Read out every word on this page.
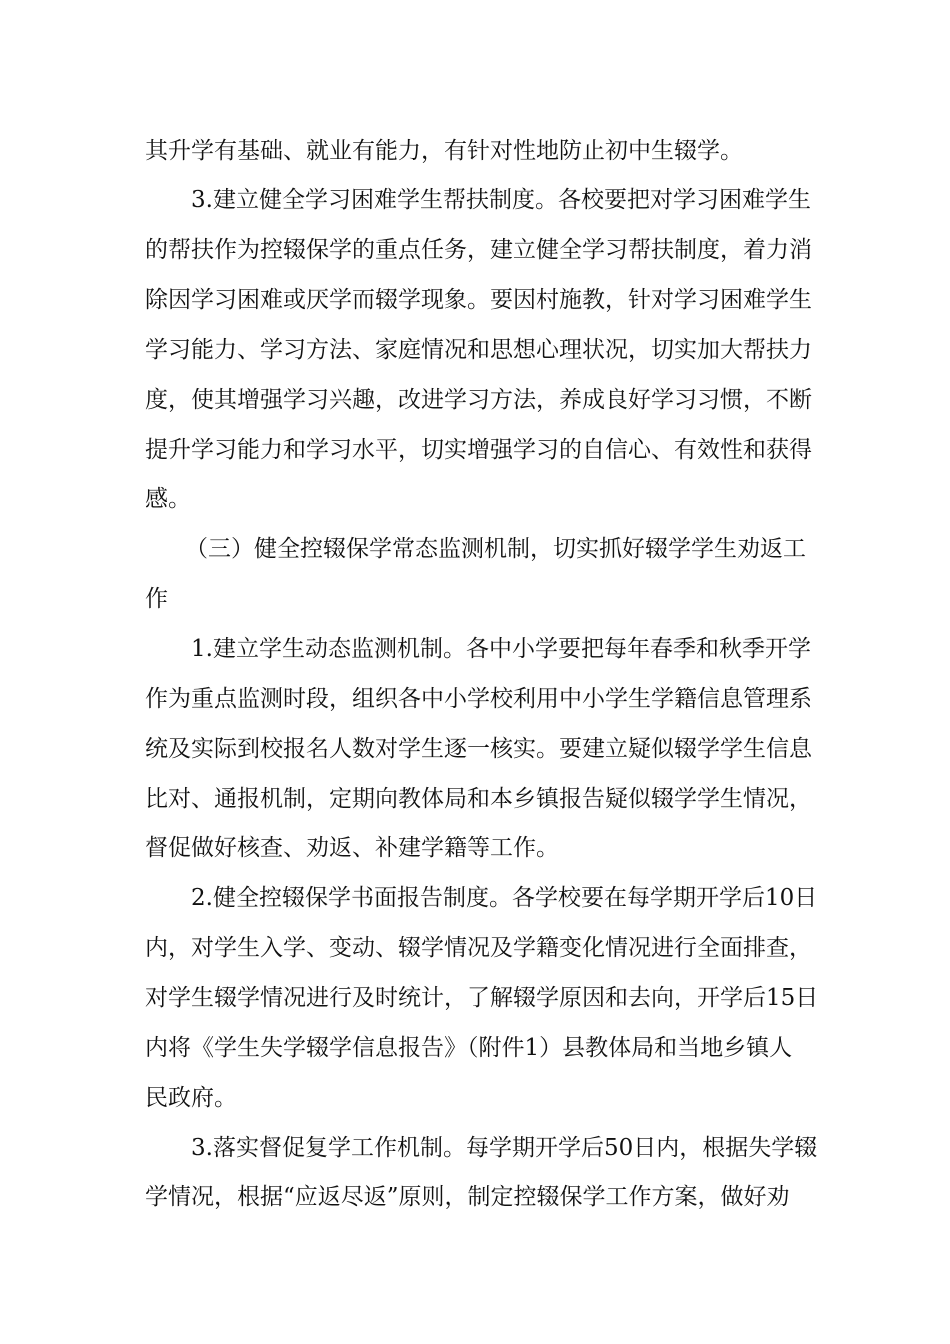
其升学有基础、就业有能力，有针对性地防止初中生辍学。
3.建立健全学习困难学生帮扶制度。各校要把对学习困难学生
的帮扶作为控辍保学的重点任务，建立健全学习帮扶制度，着力消
除因学习困难或厌学而辍学现象。要因村施教，针对学习困难学生
学习能力、学习方法、家庭情况和思想心理状况，切实加大帮扶力
度，使其增强学习兴趣，改进学习方法，养成良好学习习惯，不断
提升学习能力和学习水平，切实增强学习的自信心、有效性和获得
感。
（三）健全控辍保学常态监测机制，切实抓好辍学学生劝返工
作
1.建立学生动态监测机制。各中小学要把每年春季和秋季开学
作为重点监测时段，组织各中小学校利用中小学生学籍信息管理系
统及实际到校报名人数对学生逐一核实。要建立疑似辍学学生信息
比对、通报机制，定期向教体局和本乡镇报告疑似辍学学生情况，
督促做好核查、劝返、补建学籍等工作。
2.健全控辍保学书面报告制度。各学校要在每学期开学后10日
内，对学生入学、变动、辍学情况及学籍变化情况进行全面排查，
对学生辍学情况进行及时统计，了解辍学原因和去向，开学后15日
内将《学生失学辍学信息报告》（附件1）县教体局和当地乡镇人
民政府。
3.落实督促复学工作机制。每学期开学后50日内，根据失学辍
学情况，根据“应返尽返”原则，制定控辍保学工作方案，做好劝
